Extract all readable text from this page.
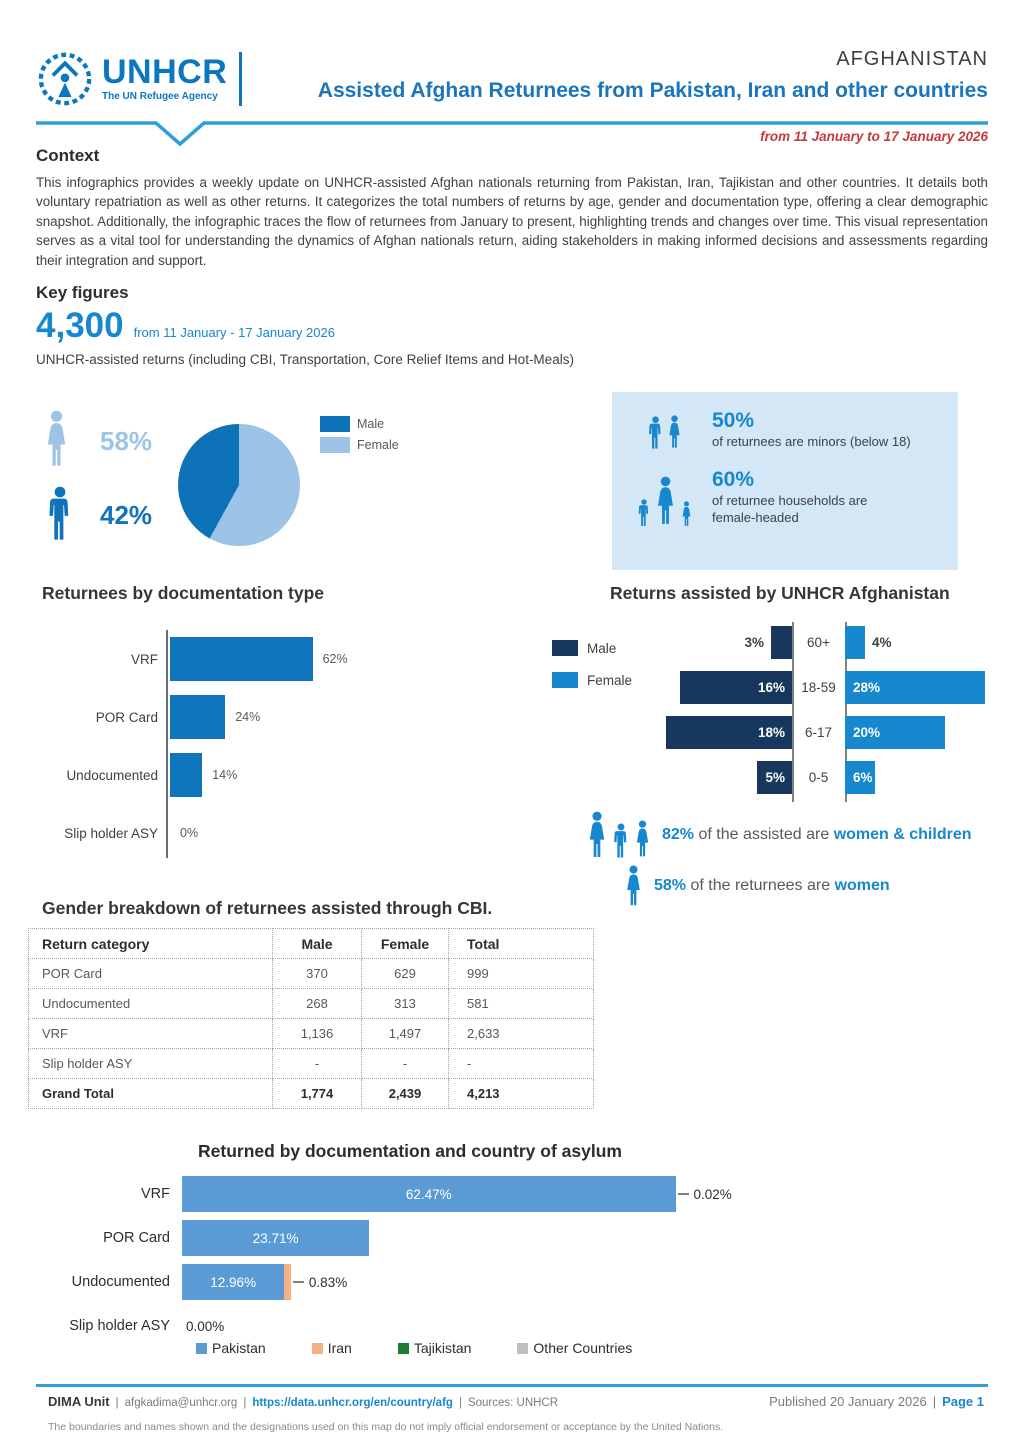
UNHCR
The UN Refugee Agency
AFGHANISTAN
Assisted Afghan Returnees from Pakistan, Iran and other countries
from 11 January to 17 January 2026
Context

This infographics provides a weekly update on UNHCR-assisted Afghan nationals returning from Pakistan, Iran, Tajikistan and other countries. It details both voluntary repatriation as well as other returns. It categorizes the total numbers of returns by age, gender and documentation type, offering a clear demographic snapshot. Additionally, the infographic traces the flow of returnees from January to present, highlighting trends and changes over time. This visual representation serves as a vital tool for understanding the dynamics of Afghan nationals return, aiding stakeholders in making informed decisions and assessments regarding their integration and support.

Key figures
4,300 from 11 January - 17 January 2026
UNHCR-assisted returns (including CBI, Transportation, Core Relief Items and Hot-Meals)
58%
42%
Male
Female
50%
of returnees are minors (below 18)
60%
of returnee households are
female-headed
Returnees by documentation type	Returns assisted by UNHCR Afghanistan
VRF	62%
POR Card	24%
Undocumented	14%
Slip holder ASY	0%
3%	60+	4%
16%	18-59	28%
18%	6-17	20%
5%	0-5	6%
Male
Female
82% of the assisted are women & children
58% of the returnees are women
Gender breakdown of returnees assisted through CBI.
Return category	Male	Female	Total
POR Card	370	629	999
Undocumented	268	313	581
VRF	1,136	1,497	2,633
Slip holder ASY	-	-	-
Grand Total	1,774	2,439	4,213
Returned by documentation and country of asylum
VRF	62.47%	0.02%
POR Card	23.71%
Undocumented	12.96%	0.83%
Slip holder ASY 0.00%
Pakistan	Iran	Tajikistan	Other Countries
DIMA Unit | afgkadima@unhcr.org | https://data.unhcr.org/en/country/afg | Sources: UNHCR	Published 20 January 2026 | Page 1
The boundaries and names shown and the designations used on this map do not imply official endorsement or acceptance by the United Nations.
